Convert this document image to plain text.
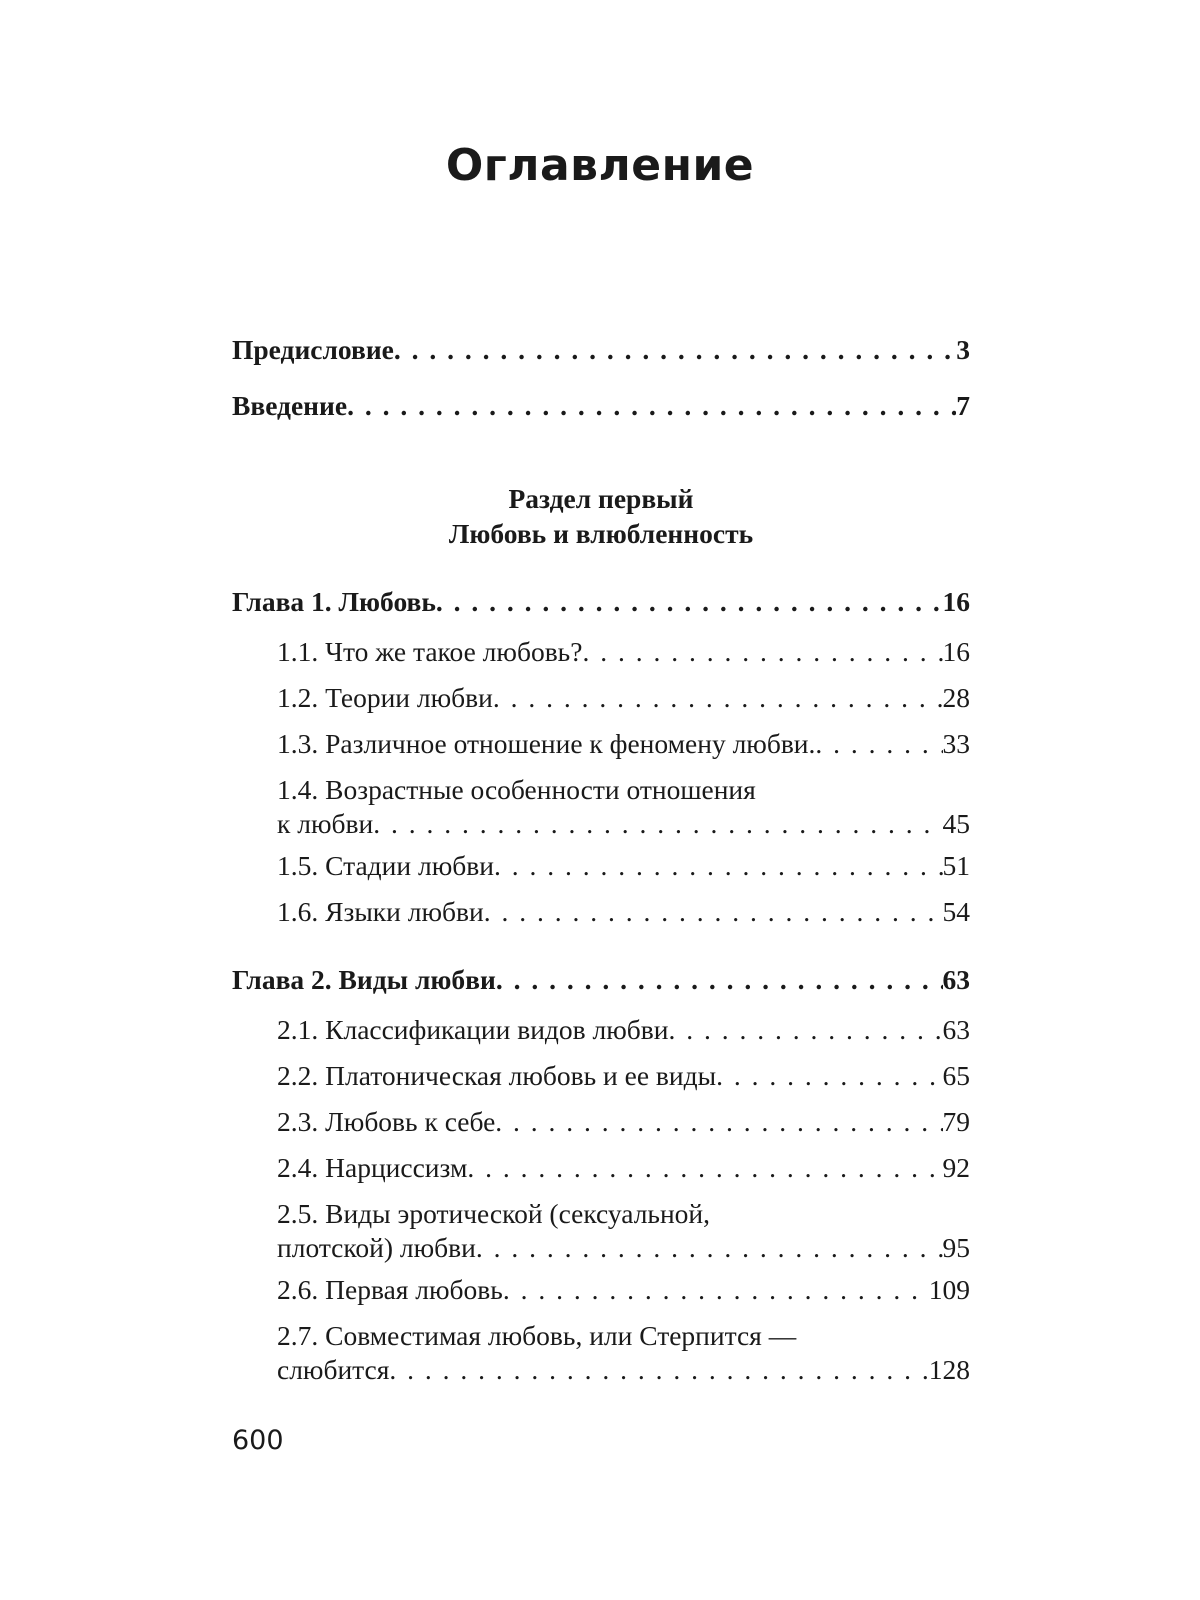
Оглавление
Предисловие . . .	3
Введение . . .	7
Раздел первый
Любовь и влюбленность
Глава 1. Любовь . . .	16
1.1. Что же такое любовь? . . .	16
1.2. Теории любви . . .	28
1.3. Различное отношение к феномену любви. . . .	33
1.4. Возрастные особенности отношения
к любви . . .	45
1.5. Стадии любви . . .	51
1.6. Языки любви . . .	54
Глава 2. Виды любви . . .	63
2.1. Классификации видов любви . . .	63
2.2. Платоническая любовь и ее виды . . .	65
2.3. Любовь к себе . . .	79
2.4. Нарциссизм . . .	92
2.5. Виды эротической (сексуальной,
плотской) любви . . .	95
2.6. Первая любовь . . .	109
2.7. Совместимая любовь, или Стерпится —
слюбится . . .	128
600
